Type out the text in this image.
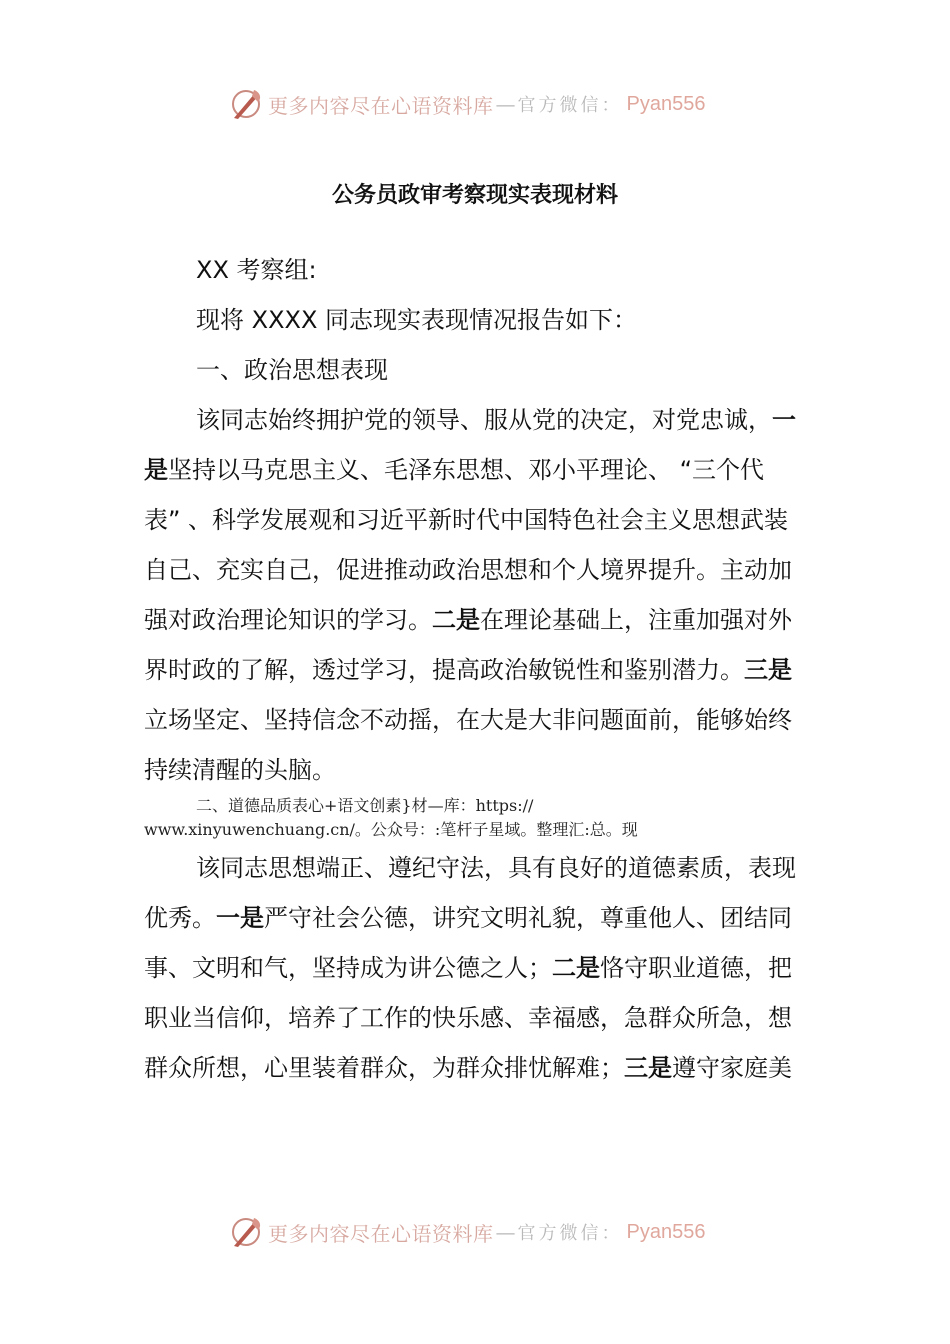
更多内容尽在心语资料库 — 官方微信： Pyan556
公务员政审考察现实表现材料
XX 考察组:
现将 XXXX 同志现实表现情况报告如下：
一、政治思想表现
该同志始终拥护党的领导、服从党的决定，对党忠诚，一
是坚持以马克思主义、毛泽东思想、邓小平理论、 “三个代
表” 、科学发展观和习近平新时代中国特色社会主义思想武装
自己、充实自己，促进推动政治思想和个人境界提升。主动加
强对政治理论知识的学习。二是在理论基础上，注重加强对外
界时政的了解，透过学习，提高政治敏锐性和鉴别潜力。三是
立场坚定、坚持信念不动摇，在大是大非问题面前，能够始终
持续清醒的头脑。
二、道德品质表心+语文创素}材—库：https://
www.xinyuwenchuang.cn/。公众号：:笔杆子星域。整理汇:总。现
该同志思想端正、遵纪守法，具有良好的道德素质，表现
优秀。一是严守社会公德，讲究文明礼貌，尊重他人、团结同
事、文明和气，坚持成为讲公德之人；二是恪守职业道德，把
职业当信仰，培养了工作的快乐感、幸福感，急群众所急，想
群众所想，心里装着群众，为群众排忧解难；三是遵守家庭美
更多内容尽在心语资料库 — 官方微信： Pyan556
